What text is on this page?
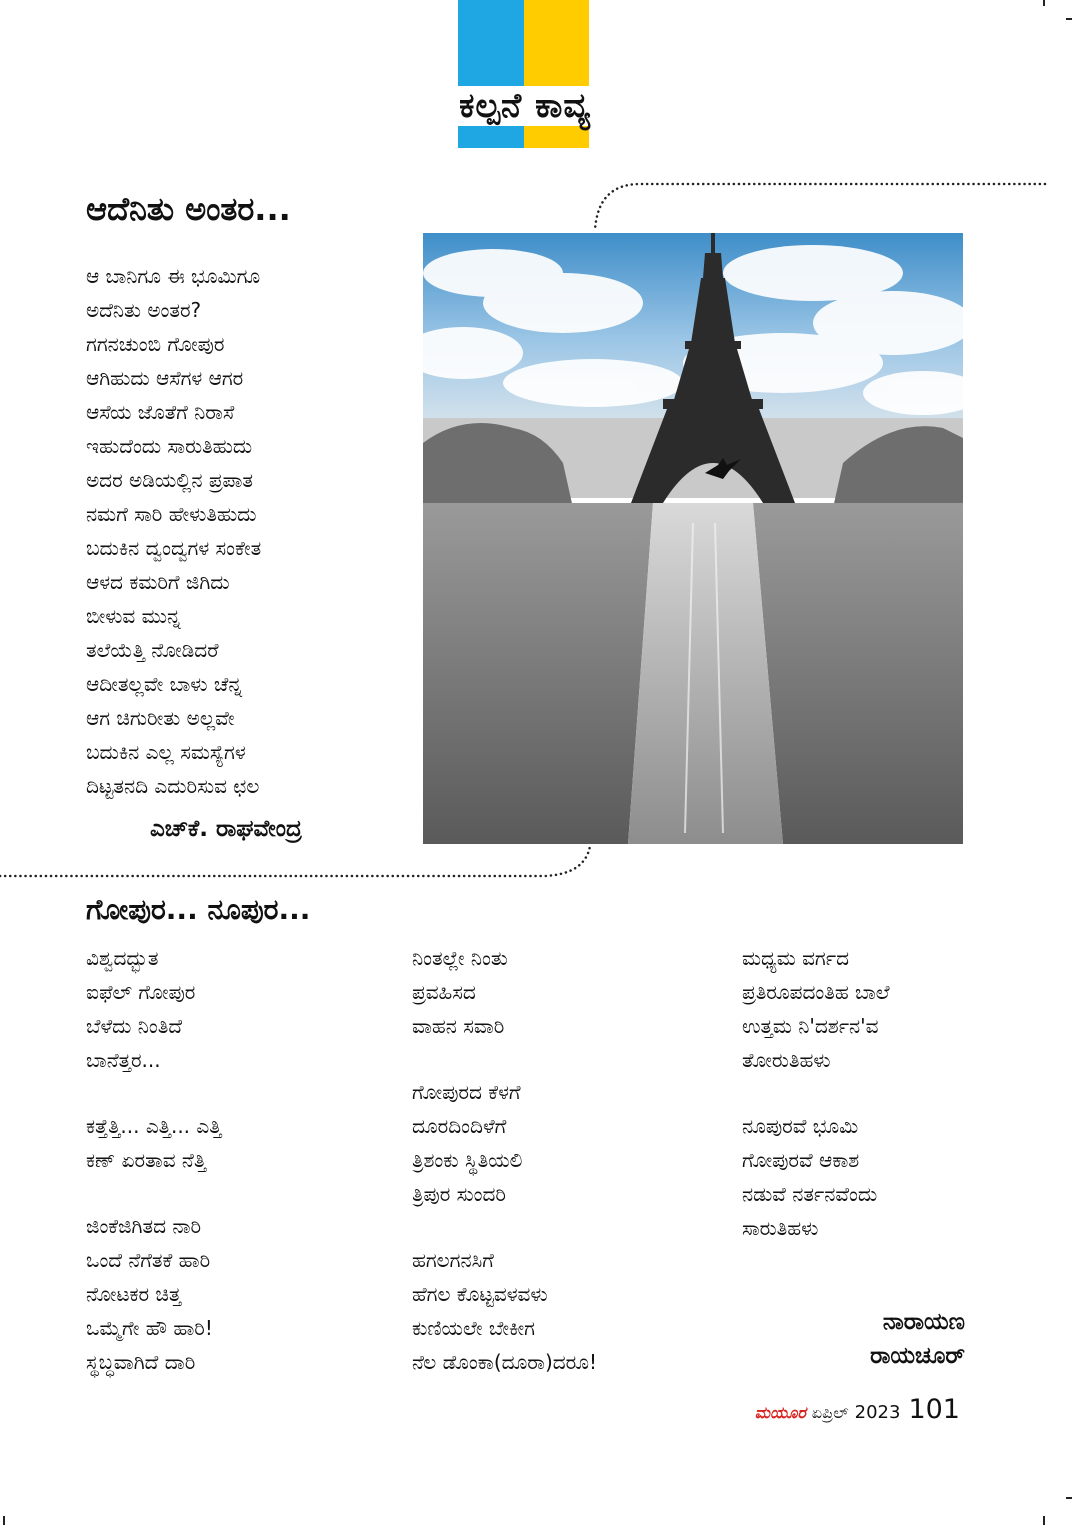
ಕಲ್ಪನೆ ಕಾವ್ಯ
ಆದೆನಿತು ಅಂತರ...
ಆ ಬಾನಿಗೂ ಈ ಭೂಮಿಗೂ
ಅದೆನಿತು ಅಂತರ?
ಗಗನಚುಂಬಿ ಗೋಪುರ
ಆಗಿಹುದು ಆಸೆಗಳ ಆಗರ
ಆಸೆಯ ಜೊತೆಗೆ ನಿರಾಸೆ
ಇಹುದೆಂದು ಸಾರುತಿಹುದು
ಅದರ ಅಡಿಯಲ್ಲಿನ ಪ್ರಪಾತ
ನಮಗೆ ಸಾರಿ ಹೇಳುತಿಹುದು
ಬದುಕಿನ ದ್ವಂದ್ವಗಳ ಸಂಕೇತ
ಆಳದ ಕಮರಿಗೆ ಜಿಗಿದು
ಬೀಳುವ ಮುನ್ನ
ತಲೆಯೆತ್ತಿ ನೋಡಿದರೆ
ಆದೀತಲ್ಲವೇ ಬಾಳು ಚೆನ್ನ
ಆಗ ಚಿಗುರೀತು ಅಲ್ಲವೇ
ಬದುಕಿನ ಎಲ್ಲ ಸಮಸ್ಯೆಗಳ
ದಿಟ್ಟತನದಿ ಎದುರಿಸುವ ಛಲ
ಎಚ್‌ಕೆ. ರಾಘವೇಂದ್ರ
ಗೋಪುರ... ನೂಪುರ...
ವಿಶ್ವದದ್ಭುತ
ಐಫೆಲ್ ಗೋಪುರ
ಬೆಳೆದು ನಿಂತಿದೆ
ಬಾನೆತ್ತರ...
ಕತ್ತೆತ್ತಿ... ಎತ್ತಿ... ಎತ್ತಿ
ಕಣ್ ಏರತಾವ ನೆತ್ತಿ
ಜಿಂಕೆಜಿಗಿತದ ನಾರಿ
ಒಂದೆ ನೆಗೆತಕೆ ಹಾರಿ
ನೋಟಕರ ಚಿತ್ತ
ಒಮ್ಮೆಗೇ ಹೌ ಹಾರಿ!
ಸ್ಥಬ್ಧವಾಗಿದೆ ದಾರಿ
ನಿಂತಲ್ಲೇ ನಿಂತು
ಪ್ರವಹಿಸದ
ವಾಹನ ಸವಾರಿ
ಗೋಪುರದ ಕೆಳಗೆ
ದೂರದಿಂದಿಳೆಗೆ
ತ್ರಿಶಂಕು ಸ್ಥಿತಿಯಲಿ
ತ್ರಿಪುರ ಸುಂದರಿ
ಹಗಲಗನಸಿಗೆ
ಹೆಗಲ ಕೊಟ್ಟವಳವಳು
ಕುಣಿಯಲೇ ಬೇಕೀಗ
ನೆಲ ಡೊಂಕಾ(ದೂರಾ)ದರೂ!
ಮಧ್ಯಮ ವರ್ಗದ
ಪ್ರತಿರೂಪದಂತಿಹ ಬಾಲೆ
ಉತ್ತಮ ನಿ'ದರ್ಶನ'ವ
ತೋರುತಿಹಳು
ನೂಪುರವೆ ಭೂಮಿ
ಗೋಪುರವೆ ಆಕಾಶ
ನಡುವೆ ನರ್ತನವೆಂದು
ಸಾರುತಿಹಳು
ನಾರಾಯಣ
ರಾಯಚೂರ್
ಮಯೂರ ಏಪ್ರಿಲ್ 2023 101
